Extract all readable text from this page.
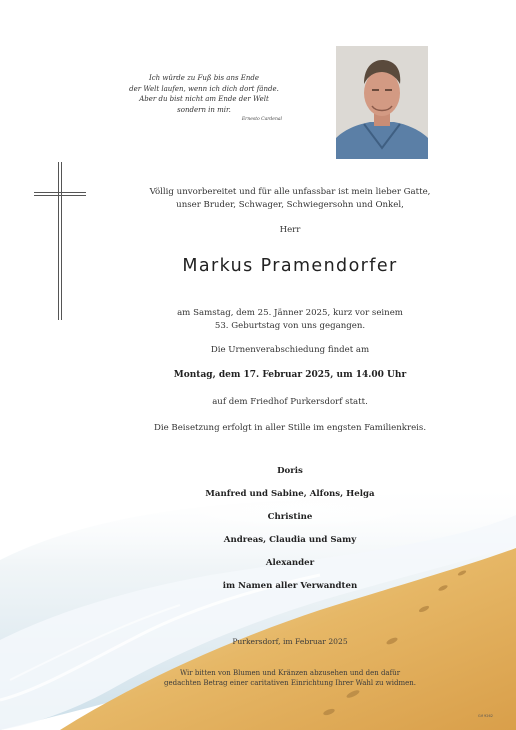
Ich würde zu Fuß bis ans Ende
der Welt laufen, wenn ich dich dort fände.
Aber du bist nicht am Ende der Welt
sondern in mir.
Ernesto Cardenal
Völlig unvorbereitet und für alle unfassbar ist mein lieber Gatte,
unser Bruder, Schwager, Schwiegersohn und Onkel,
Herr
Markus Pramendorfer
am Samstag, dem 25. Jänner 2025, kurz vor seinem
53. Geburtstag von uns gegangen.
Die Urnenverabschiedung findet am
Montag, dem 17. Februar 2025, um 14.00 Uhr
auf dem Friedhof Purkersdorf statt.
Die Beisetzung erfolgt in aller Stille im engsten Familienkreis.
Doris
Manfred und Sabine, Alfons, Helga
Christine
Andreas, Claudia und Samy
Alexander
im Namen aller Verwandten
Purkersdorf, im Februar 2025
Wir bitten von Blumen und Kränzen abzusehen und den dafür
gedachten Betrag einer caritativen Einrichtung Ihrer Wahl zu widmen.
Gif 9262
